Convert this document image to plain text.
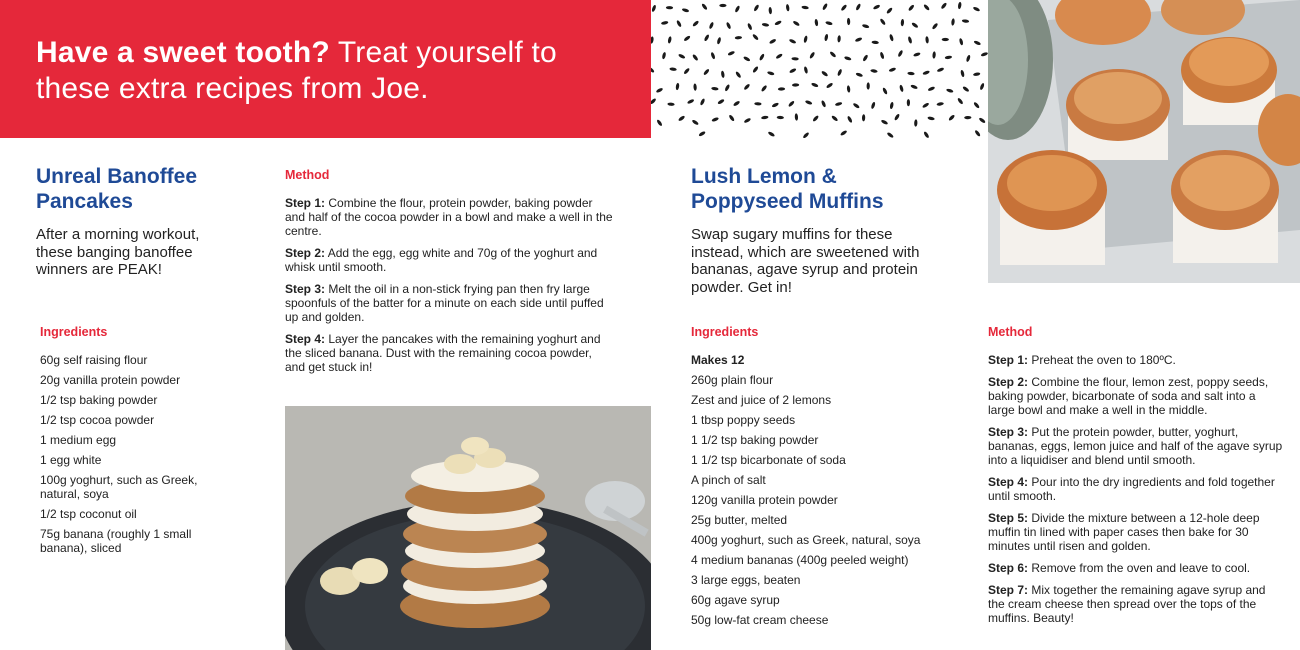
Have a sweet tooth? Treat yourself to these extra recipes from Joe.
Unreal Banoffee Pancakes
After a morning workout, these banging banoffee winners are PEAK!
Ingredients
60g self raising flour
20g vanilla protein powder
1/2 tsp baking powder
1/2 tsp cocoa powder
1 medium egg
1 egg white
100g yoghurt, such as Greek, natural, soya
1/2 tsp coconut oil
75g banana (roughly 1 small banana), sliced
Method
Step 1: Combine the flour, protein powder, baking powder and half of the cocoa powder in a bowl and make a well in the centre.
Step 2: Add the egg, egg white and 70g of the yoghurt and whisk until smooth.
Step 3: Melt the oil in a non-stick frying pan then fry large spoonfuls of the batter for a minute on each side until puffed up and golden.
Step 4: Layer the pancakes with the remaining yoghurt and the sliced banana. Dust with the remaining cocoa powder, and get stuck in!
Lush Lemon & Poppyseed Muffins
Swap sugary muffins for these instead, which are sweetened with bananas, agave syrup and protein powder. Get in!
Ingredients
Makes 12
260g plain flour
Zest and juice of 2 lemons
1 tbsp poppy seeds
1 1/2 tsp baking powder
1 1/2 tsp bicarbonate of soda
A pinch of salt
120g vanilla protein powder
25g butter, melted
400g yoghurt, such as Greek, natural, soya
4 medium bananas (400g peeled weight)
3 large eggs, beaten
60g agave syrup
50g low-fat cream cheese
Method
Step 1: Preheat the oven to 180ºC.
Step 2: Combine the flour, lemon zest, poppy seeds, baking powder, bicarbonate of soda and salt into a large bowl and make a well in the middle.
Step 3: Put the protein powder, butter, yoghurt, bananas, eggs, lemon juice and half of the agave syrup into a liquidiser and blend until smooth.
Step 4: Pour into the dry ingredients and fold together until smooth.
Step 5: Divide the mixture between a 12-hole deep muffin tin lined with paper cases then bake for 30 minutes until risen and golden.
Step 6: Remove from the oven and leave to cool.
Step 7: Mix together the remaining agave syrup and the cream cheese then spread over the tops of the muffins. Beauty!
